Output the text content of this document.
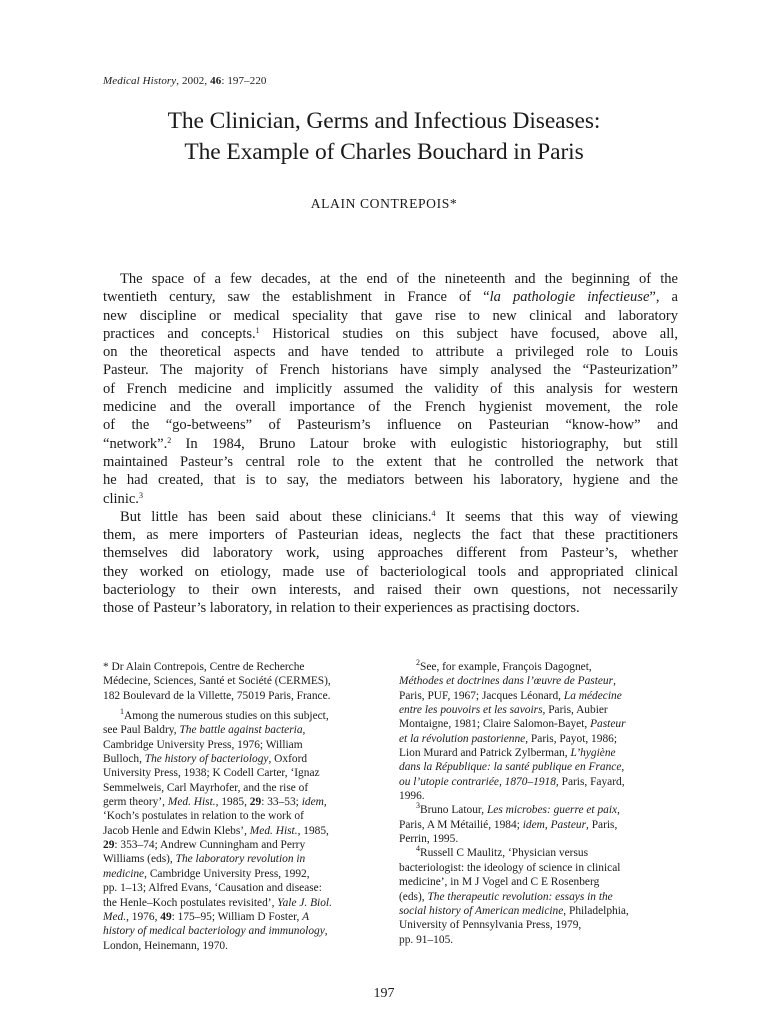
Medical History, 2002, 46: 197–220
The Clinician, Germs and Infectious Diseases:
The Example of Charles Bouchard in Paris
ALAIN CONTREPOIS*
The space of a few decades, at the end of the nineteenth and the beginning of the
twentieth century, saw the establishment in France of “la pathologie infectieuse”, a
new discipline or medical speciality that gave rise to new clinical and laboratory
practices and concepts.$^1$ Historical studies on this subject have focused, above all,
on the theoretical aspects and have tended to attribute a privileged role to Louis
Pasteur. The majority of French historians have simply analysed the “Pasteurization”
of French medicine and implicitly assumed the validity of this analysis for western
medicine and the overall importance of the French hygienist movement, the role
of the “go-betweens” of Pasteurism’s influence on Pasteurian “know-how” and
“network”.$^2$ In 1984, Bruno Latour broke with eulogistic historiography, but still
maintained Pasteur’s central role to the extent that he controlled the network that
he had created, that is to say, the mediators between his laboratory, hygiene and the
clinic.$^3$
But little has been said about these clinicians.$^4$ It seems that this way of viewing
them, as mere importers of Pasteurian ideas, neglects the fact that these practitioners
themselves did laboratory work, using approaches different from Pasteur’s, whether
they worked on etiology, made use of bacteriological tools and appropriated clinical
bacteriology to their own interests, and raised their own questions, not necessarily
those of Pasteur’s laboratory, in relation to their experiences as practising doctors.
* Dr Alain Contrepois, Centre de Recherche
Médecine, Sciences, Santé et Société (CERMES),
182 Boulevard de la Villette, 75019 Paris, France.
$^1$Among the numerous studies on this subject,
see Paul Baldry, The battle against bacteria,
Cambridge University Press, 1976; William
Bulloch, The history of bacteriology, Oxford
University Press, 1938; K Codell Carter, ‘Ignaz
Semmelweis, Carl Mayrhofer, and the rise of
germ theory’, Med. Hist., 1985, 29: 33–53; idem,
‘Koch’s postulates in relation to the work of
Jacob Henle and Edwin Klebs’, Med. Hist., 1985,
29: 353–74; Andrew Cunningham and Perry
Williams (eds), The laboratory revolution in
medicine, Cambridge University Press, 1992,
pp. 1–13; Alfred Evans, ‘Causation and disease:
the Henle–Koch postulates revisited’, Yale J. Biol.
Med., 1976, 49: 175–95; William D Foster, A
history of medical bacteriology and immunology,
London, Heinemann, 1970.
$^2$See, for example, François Dagognet,
Méthodes et doctrines dans l’œuvre de Pasteur,
Paris, PUF, 1967; Jacques Léonard, La médecine
entre les pouvoirs et les savoirs, Paris, Aubier
Montaigne, 1981; Claire Salomon-Bayet, Pasteur
et la révolution pastorienne, Paris, Payot, 1986;
Lion Murard and Patrick Zylberman, L’hygiène
dans la République: la santé publique en France,
ou l’utopie contrariée, 1870–1918, Paris, Fayard,
1996.
$^3$Bruno Latour, Les microbes: guerre et paix,
Paris, A M Métailié, 1984; idem, Pasteur, Paris,
Perrin, 1995.
$^4$Russell C Maulitz, ‘Physician versus
bacteriologist: the ideology of science in clinical
medicine’, in M J Vogel and C E Rosenberg
(eds), The therapeutic revolution: essays in the
social history of American medicine, Philadelphia,
University of Pennsylvania Press, 1979,
pp. 91–105.
197
